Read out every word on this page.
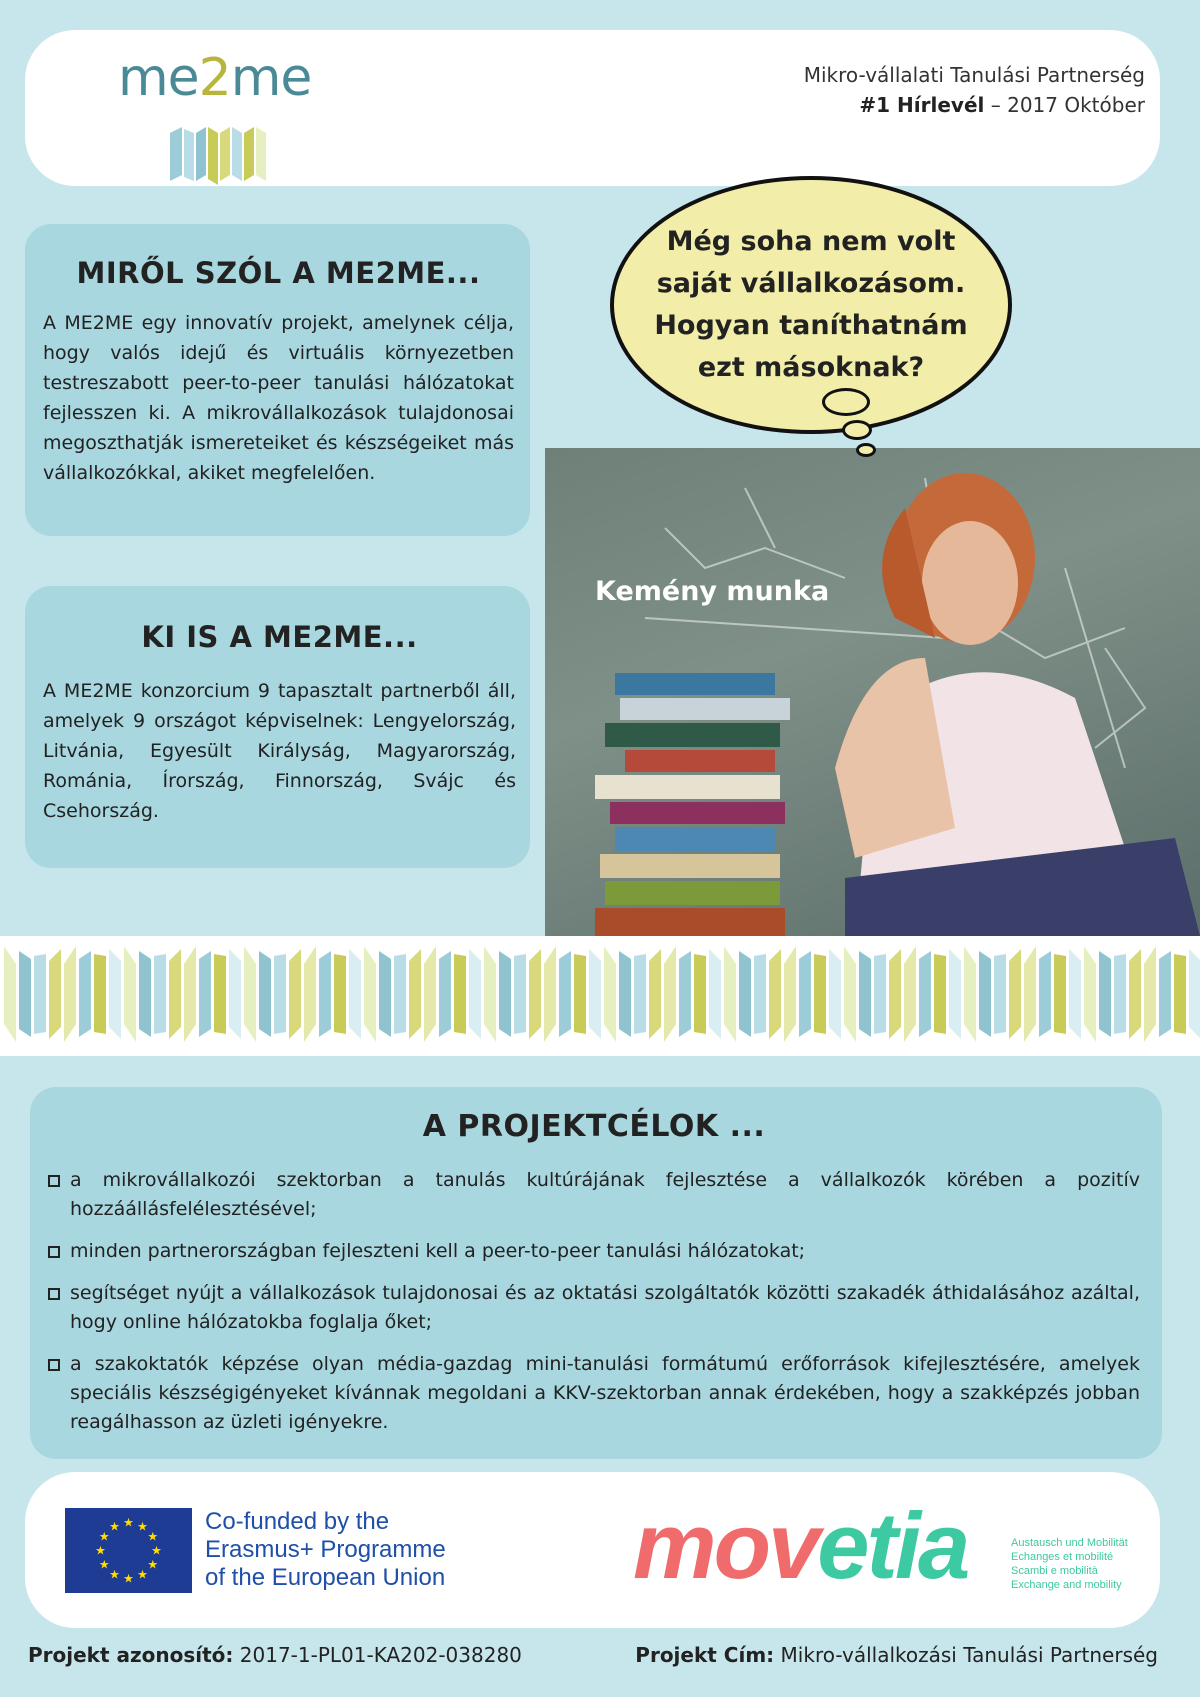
me2me	Mikro-vállalati Tanulási Partnerség
#1 Hírlevél – 2017 Október
MIRŐL SZÓL A ME2ME...

A ME2ME egy innovatív projekt, amelynek célja, hogy valós idejű és virtuális környezetben testreszabott peer-to-peer tanulási hálózatokat fejlesszen ki. A mikrovállalkozások tulajdonosai megoszthatják ismereteiket és készségeiket más vállalkozókkal, akiket megfelelően.

KI IS A ME2ME...

A ME2ME konzorcium 9 tapasztalt partnerből áll, amelyek 9 országot képviselnek: Lengyelország, Litvánia, Egyesült Királyság, Magyarország, Románia, Írország, Finnország, Svájc és Csehország.

Kemény munka
Még soha nem volt saját vállalkozásom. Hogyan taníthatnám ezt másoknak?
A PROJEKTCÉLOK ...
a mikrovállalkozói szektorban a tanulás kultúrájának fejlesztése a vállalkozók körében a pozitív hozzáállásfelélesztésével;
minden partnerországban fejleszteni kell a peer-to-peer tanulási hálózatokat;
segítséget nyújt a vállalkozások tulajdonosai és az oktatási szolgáltatók közötti szakadék áthidalásához azáltal, hogy online hálózatokba foglalja őket;
a szakoktatók képzése olyan média-gazdag mini-tanulási formátumú erőforrások kifejlesztésére, amelyek speciális készségigényeket kívánnak megoldani a KKV-szektorban annak érdekében, hogy a szakképzés jobban reagálhasson az üzleti igényekre.
★
★
★
★
★
★
★
★
★ ★ ★
★
Co-funded by the
Erasmus+ Programme
of the European Union movetia	Austausch und Mobilität
Echanges et mobilité
Scambi e mobilità
Exchange and mobility
Projekt azonosító: 2017-1-PL01-KA202-038280	Projekt Cím: Mikro-vállalkozási Tanulási Partnerség
